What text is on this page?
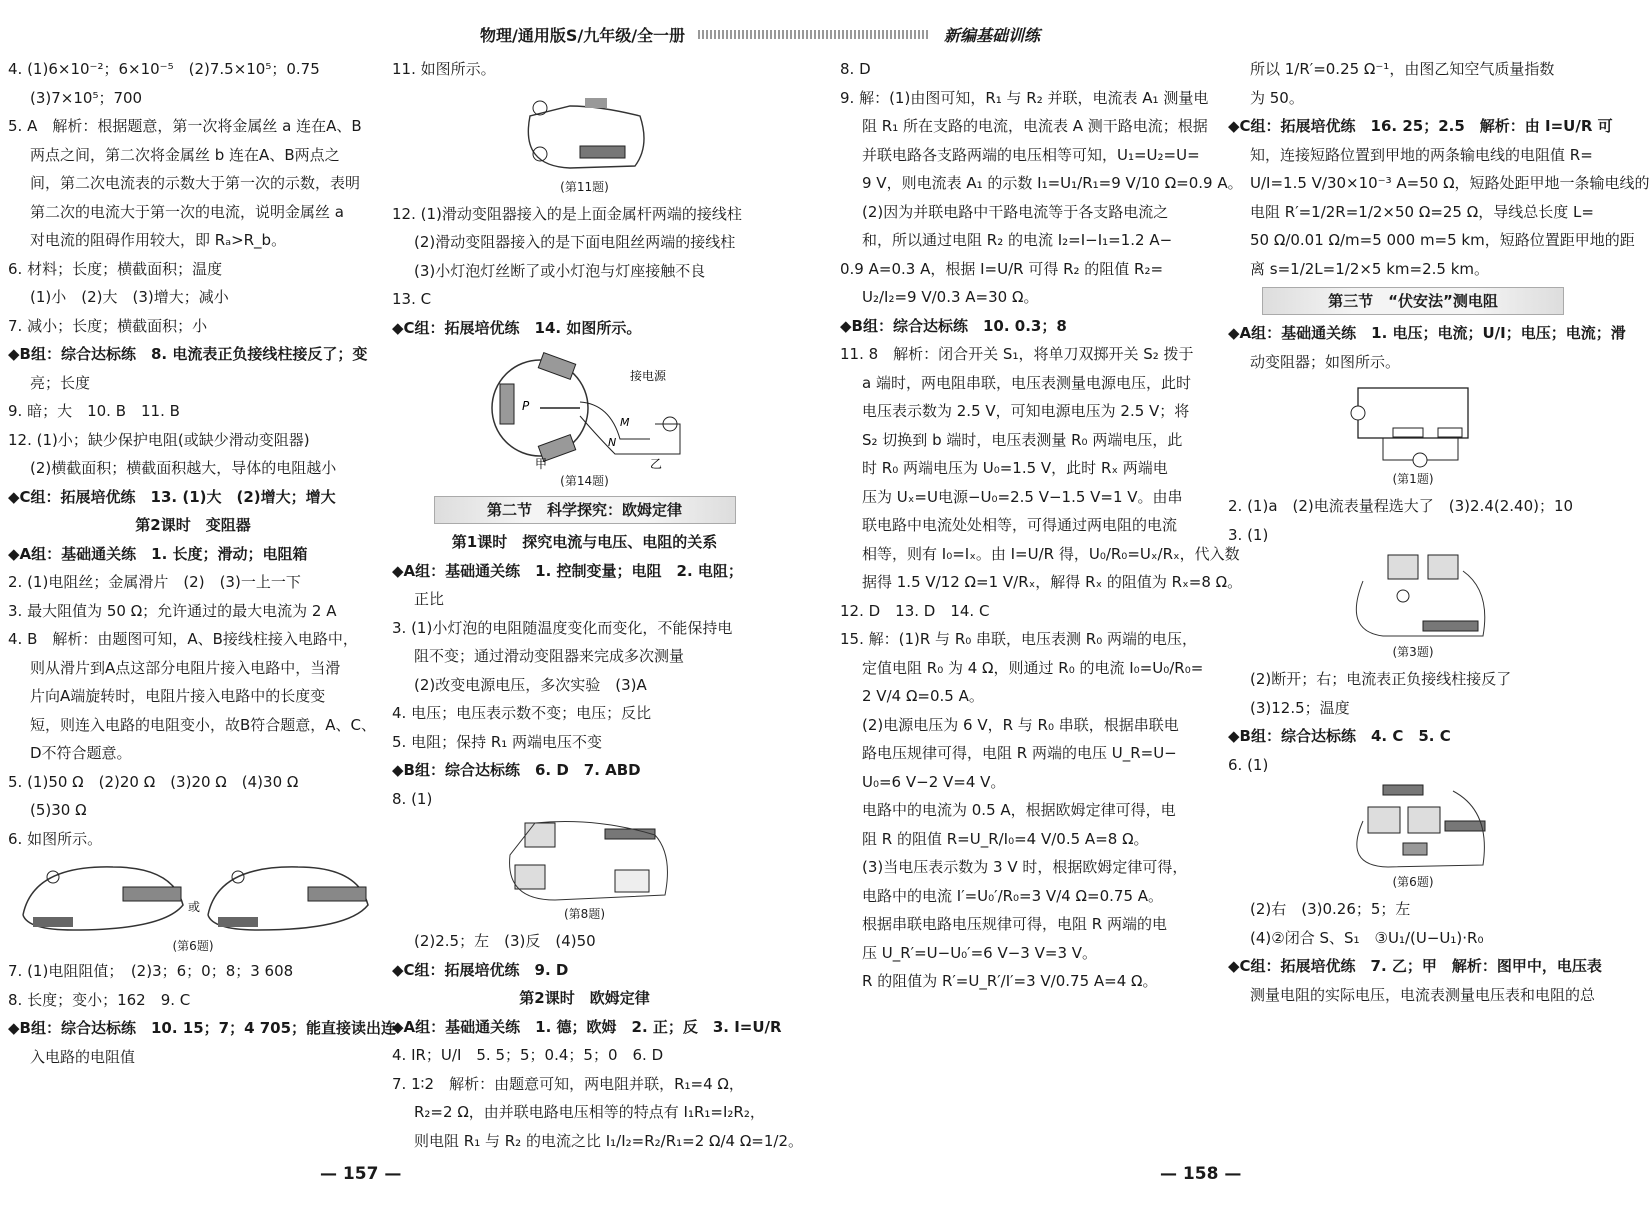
物理/通用版S/九年级/全一册	新编基础训练
4. (1)6×10⁻²；6×10⁻⁵　(2)7.5×10⁵；0.75
(3)7×10⁵；700
5. A　解析：根据题意，第一次将金属丝 a 连在A、B
两点之间，第二次将金属丝 b 连在A、B两点之
间，第二次电流表的示数大于第一次的示数，表明
第二次的电流大于第一次的电流，说明金属丝 a
对电流的阻碍作用较大，即 Rₐ>R_b。
6. 材料；长度；横截面积；温度
(1)小　(2)大　(3)增大；减小
7. 减小；长度；横截面积；小
◆B组：综合达标练　8. 电流表正负接线柱接反了；变
亮；长度
9. 暗；大　10. B　11. B
12. (1)小；缺少保护电阻(或缺少滑动变阻器)
(2)横截面积；横截面积越大，导体的电阻越小
◆C组：拓展培优练　13. (1)大　(2)增大；增大
第2课时　变阻器
◆A组：基础通关练　1. 长度；滑动；电阻箱
2. (1)电阻丝；金属滑片　(2)　(3)一上一下
3. 最大阻值为 50 Ω；允许通过的最大电流为 2 A
4. B　解析：由题图可知，A、B接线柱接入电路中，
则从滑片到A点这部分电阻片接入电路中，当滑
片向A端旋转时，电阻片接入电路中的长度变
短，则连入电路的电阻变小，故B符合题意，A、C、
D不符合题意。
5. (1)50 Ω　(2)20 Ω　(3)20 Ω　(4)30 Ω
(5)30 Ω
6. 如图所示。
或
(第6题)
7. (1)电阻阻值；　(2)3；6；0；8；3 608
8. 长度；变小；162　9. C
◆B组：综合达标练　10. 15；7；4 705；能直接读出连
入电路的电阻值
11. 如图所示。
(第11题)
12. (1)滑动变阻器接入的是上面金属杆两端的接线柱
(2)滑动变阻器接入的是下面电阻丝两端的接线柱
(3)小灯泡灯丝断了或小灯泡与灯座接触不良
13. C
◆C组：拓展培优练　14. 如图所示。
P
接电源
M
N
甲	乙
(第14题)
第二节　科学探究：欧姆定律
第1课时　探究电流与电压、电阻的关系
◆A组：基础通关练　1. 控制变量；电阻　2. 电阻；
正比
3. (1)小灯泡的电阻随温度变化而变化，不能保持电
阻不变；通过滑动变阻器来完成多次测量
(2)改变电源电压，多次实验　(3)A
4. 电压；电压表示数不变；电压；反比
5. 电阻；保持 R₁ 两端电压不变
◆B组：综合达标练　6. D　7. ABD
8. (1)
(第8题)
(2)2.5；左　(3)反　(4)50
◆C组：拓展培优练　9. D
第2课时　欧姆定律
◆A组：基础通关练　1. 德；欧姆　2. 正；反　3. I=U/R
4. IR；U/I　5. 5；5；0.4；5；0　6. D
7. 1∶2　解析：由题意可知，两电阻并联，R₁=4 Ω，
R₂=2 Ω，由并联电路电压相等的特点有 I₁R₁=I₂R₂，
则电阻 R₁ 与 R₂ 的电流之比 I₁/I₂=R₂/R₁=2 Ω/4 Ω=1/2。
8. D
9. 解：(1)由图可知，R₁ 与 R₂ 并联，电流表 A₁ 测量电
阻 R₁ 所在支路的电流，电流表 A 测干路电流；根据
并联电路各支路两端的电压相等可知，U₁=U₂=U=
9 V，则电流表 A₁ 的示数 I₁=U₁/R₁=9 V/10 Ω=0.9 A。
(2)因为并联电路中干路电流等于各支路电流之
和，所以通过电阻 R₂ 的电流 I₂=I−I₁=1.2 A−
0.9 A=0.3 A，根据 I=U/R 可得 R₂ 的阻值 R₂=
U₂/I₂=9 V/0.3 A=30 Ω。
◆B组：综合达标练　10. 0.3；8
11. 8　解析：闭合开关 S₁，将单刀双掷开关 S₂ 拨于
a 端时，两电阻串联，电压表测量电源电压，此时
电压表示数为 2.5 V，可知电源电压为 2.5 V；将
S₂ 切换到 b 端时，电压表测量 R₀ 两端电压，此
时 R₀ 两端电压为 U₀=1.5 V，此时 Rₓ 两端电
压为 Uₓ=U电源−U₀=2.5 V−1.5 V=1 V。由串
联电路中电流处处相等，可得通过两电阻的电流
相等，则有 I₀=Iₓ。由 I=U/R 得，U₀/R₀=Uₓ/Rₓ，代入数
据得 1.5 V/12 Ω=1 V/Rₓ，解得 Rₓ 的阻值为 Rₓ=8 Ω。
12. D　13. D　14. C
15. 解：(1)R 与 R₀ 串联，电压表测 R₀ 两端的电压，
定值电阻 R₀ 为 4 Ω，则通过 R₀ 的电流 I₀=U₀/R₀=
2 V/4 Ω=0.5 A。
(2)电源电压为 6 V，R 与 R₀ 串联，根据串联电
路电压规律可得，电阻 R 两端的电压 U_R=U−
U₀=6 V−2 V=4 V。
电路中的电流为 0.5 A，根据欧姆定律可得，电
阻 R 的阻值 R=U_R/I₀=4 V/0.5 A=8 Ω。
(3)当电压表示数为 3 V 时，根据欧姆定律可得，
电路中的电流 I′=U₀′/R₀=3 V/4 Ω=0.75 A。
根据串联电路电压规律可得，电阻 R 两端的电
压 U_R′=U−U₀′=6 V−3 V=3 V。
R 的阻值为 R′=U_R′/I′=3 V/0.75 A=4 Ω。
所以 1/R′=0.25 Ω⁻¹，由图乙知空气质量指数
为 50。
◆C组：拓展培优练　16. 25；2.5　解析：由 I=U/R 可
知，连接短路位置到甲地的两条输电线的电阻值 R=
U/I=1.5 V/30×10⁻³ A=50 Ω，短路处距甲地一条输电线的
电阻 R′=1/2R=1/2×50 Ω=25 Ω，导线总长度 L=
50 Ω/0.01 Ω/m=5 000 m=5 km，短路位置距甲地的距
离 s=1/2L=1/2×5 km=2.5 km。
第三节　“伏安法”测电阻
◆A组：基础通关练　1. 电压；电流；U/I；电压；电流；滑
动变阻器；如图所示。
(第1题)
2. (1)a　(2)电流表量程选大了　(3)2.4(2.40)；10
3. (1)
(第3题)
(2)断开；右；电流表正负接线柱接反了
(3)12.5；温度
◆B组：综合达标练　4. C　5. C
6. (1)
(第6题)
(2)右　(3)0.26；5；左
(4)②闭合 S、S₁　③U₁/(U−U₁)·R₀
◆C组：拓展培优练　7. 乙；甲　解析：图甲中，电压表
测量电阻的实际电压，电流表测量电压表和电阻的总
— 157 —	— 158 —
